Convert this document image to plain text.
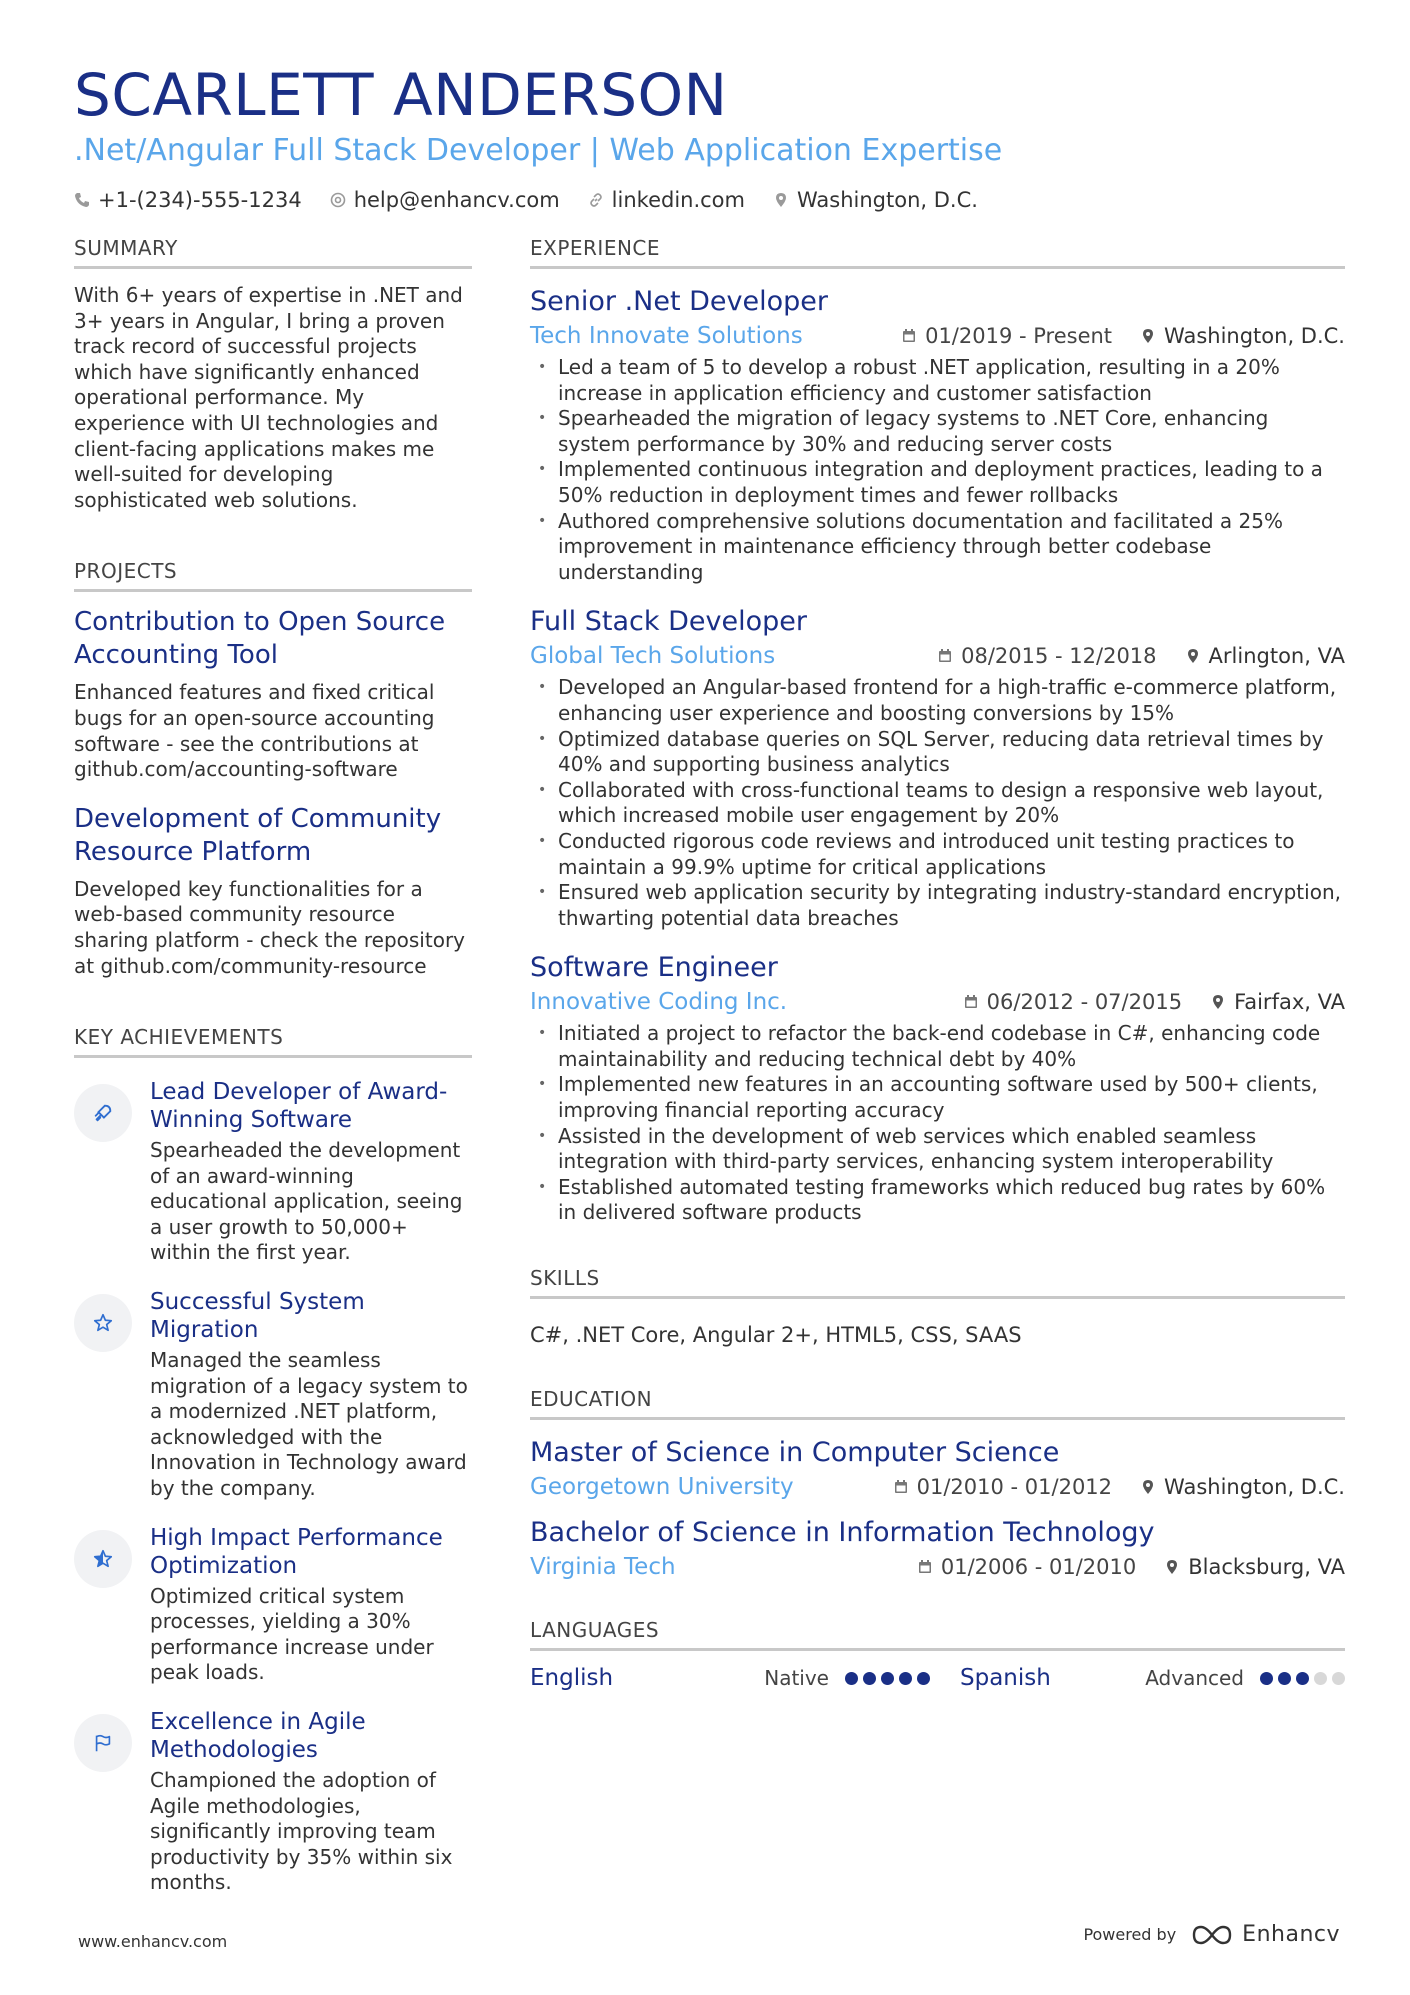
SCARLETT ANDERSON
.Net/Angular Full Stack Developer | Web Application Expertise
+1-(234)-555-1234 help@enhancv.com linkedin.com Washington, D.C.
SUMMARY
With 6+ years of expertise in .NET and 3+ years in Angular, I bring a proven track record of successful projects which have significantly enhanced operational performance. My experience with UI technologies and client-facing applications makes me well-suited for developing sophisticated web solutions.
PROJECTS
Contribution to Open Source Accounting Tool
Enhanced features and fixed critical bugs for an open-source accounting software - see the contributions at github.com/accounting-software
Development of Community Resource Platform
Developed key functionalities for a web-based community resource sharing platform - check the repository at github.com/community-resource
KEY ACHIEVEMENTS
Lead Developer of Award-Winning Software
Spearheaded the development of an award-winning educational application, seeing a user growth to 50,000+ within the first year.
Successful System Migration
Managed the seamless migration of a legacy system to a modernized .NET platform, acknowledged with the Innovation in Technology award by the company.
High Impact Performance Optimization
Optimized critical system processes, yielding a 30% performance increase under peak loads.
Excellence in Agile Methodologies
Championed the adoption of Agile methodologies, significantly improving team productivity by 35% within six months.
EXPERIENCE
Senior .Net Developer
Tech Innovate Solutions	01/2019 - Present Washington, D.C.
• Led a team of 5 to develop a robust .NET application, resulting in a 20% increase in application efficiency and customer satisfaction
• Spearheaded the migration of legacy systems to .NET Core, enhancing system performance by 30% and reducing server costs
• Implemented continuous integration and deployment practices, leading to a 50% reduction in deployment times and fewer rollbacks
• Authored comprehensive solutions documentation and facilitated a 25% improvement in maintenance efficiency through better codebase understanding
Full Stack Developer
Global Tech Solutions	08/2015 - 12/2018 Arlington, VA
• Developed an Angular-based frontend for a high-traffic e-commerce platform, enhancing user experience and boosting conversions by 15%
• Optimized database queries on SQL Server, reducing data retrieval times by 40% and supporting business analytics
• Collaborated with cross-functional teams to design a responsive web layout, which increased mobile user engagement by 20%
• Conducted rigorous code reviews and introduced unit testing practices to maintain a 99.9% uptime for critical applications
• Ensured web application security by integrating industry-standard encryption, thwarting potential data breaches
Software Engineer
Innovative Coding Inc.	06/2012 - 07/2015 Fairfax, VA
• Initiated a project to refactor the back-end codebase in C#, enhancing code maintainability and reducing technical debt by 40%
• Implemented new features in an accounting software used by 500+ clients, improving financial reporting accuracy
• Assisted in the development of web services which enabled seamless integration with third-party services, enhancing system interoperability
• Established automated testing frameworks which reduced bug rates by 60% in delivered software products
SKILLS
C#, .NET Core, Angular 2+, HTML5, CSS, SAAS
EDUCATION
Master of Science in Computer Science
Georgetown University	01/2010 - 01/2012 Washington, D.C.
Bachelor of Science in Information Technology
Virginia Tech	01/2006 - 01/2010 Blacksburg, VA
LANGUAGES
English	Native	Spanish	Advanced
www.enhancv.com	Powered by	Enhancv
